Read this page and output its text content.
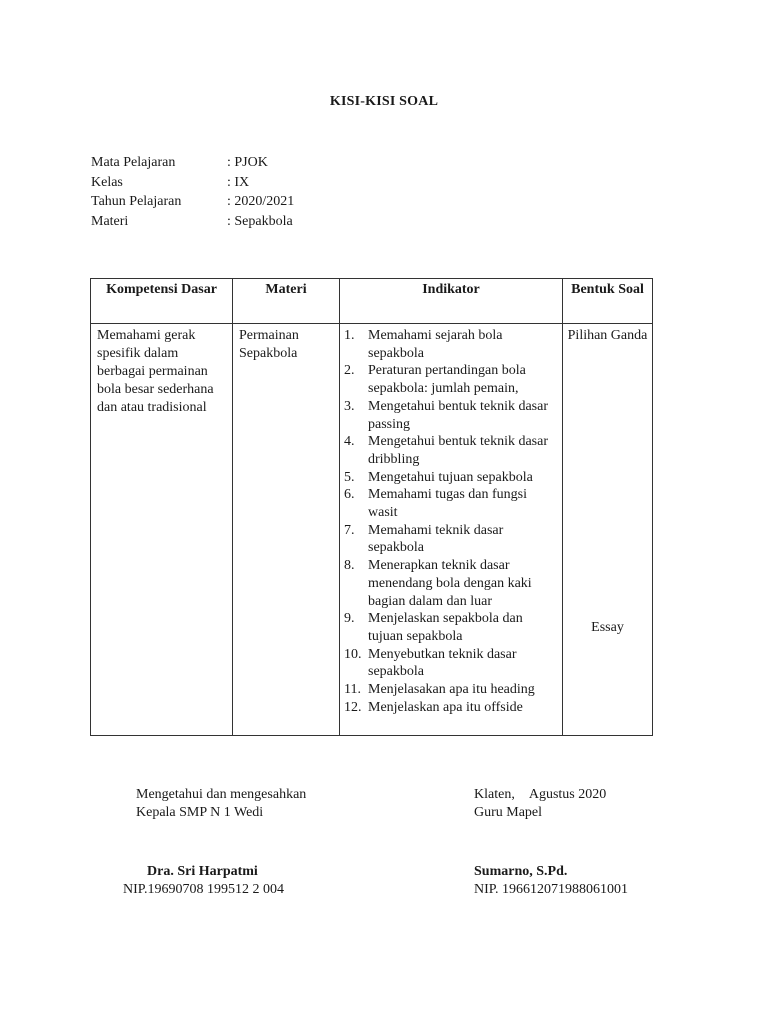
KISI-KISI SOAL
Mata Pelajaran	: PJOK
Kelas	: IX
Tahun Pelajaran	: 2020/2021
Materi	: Sepakbola
Kompetensi Dasar	Materi	Indikator	Bentuk Soal

Memahami gerak spesifik dalam berbagai permainan bola besar sederhana dan atau tradisional

Permainan Sepakbola

1. Memahami sejarah bola sepakbola
2. Peraturan pertandingan bola sepakbola: jumlah pemain,
3. Mengetahui bentuk teknik dasar passing
4. Mengetahui bentuk teknik dasar dribbling
5. Mengetahui tujuan sepakbola
6. Memahami tugas dan fungsi wasit
7. Memahami teknik dasar sepakbola
8. Menerapkan teknik dasar menendang bola dengan kaki bagian dalam dan luar
9. Menjelaskan sepakbola dan tujuan sepakbola
10. Menyebutkan teknik dasar sepakbola
11. Menjelasakan apa itu heading
12. Menjelaskan apa itu offside

Pilihan Ganda
Essay
Mengetahui dan mengesahkan
Kepala SMP N 1 Wedi
Dra. Sri Harpatmi
NIP.19690708 199512 2 004
Klaten, Agustus 2020
Guru Mapel
Sumarno, S.Pd.
NIP. 196612071988061001
